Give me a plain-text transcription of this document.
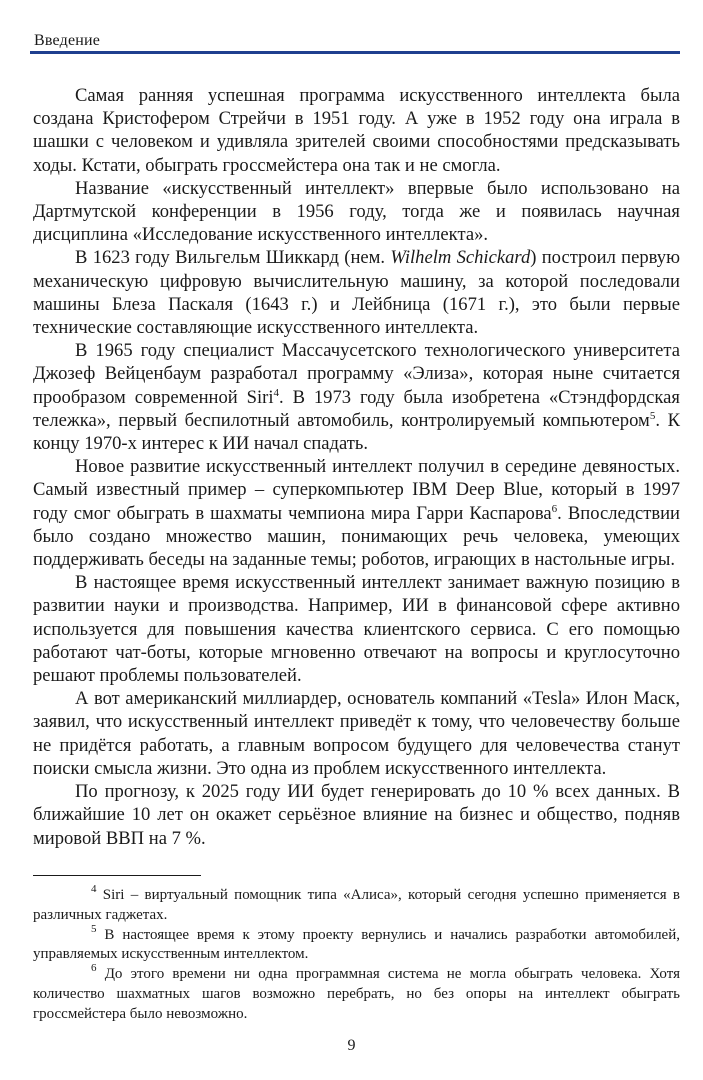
Введение

Самая ранняя успешная программа искусственного интеллекта была создана Кристофером Стрейчи в 1951 году. А уже в 1952 году она играла в шашки с человеком и удивляла зрителей своими способностями предсказывать ходы. Кстати, обыграть гроссмейстера она так и не смогла.

Название «искусственный интеллект» впервые было использовано на Дартмутской конференции в 1956 году, тогда же и появилась научная дисциплина «Исследование искусственного интеллекта».

В 1623 году Вильгельм Шиккард (нем. Wilhelm Schickard) построил первую механическую цифровую вычислительную машину, за которой последовали машины Блеза Паскаля (1643 г.) и Лейбница (1671 г.), это были первые технические составляющие искусственного интеллекта.

В 1965 году специалист Массачусетского технологического университета Джозеф Вейценбаум разработал программу «Элиза», которая ныне считается прообразом современной Siri$^4$. В 1973 году была изобретена «Стэндфордская тележка», первый беспилотный автомобиль, контролируемый компьютером$^5$. К концу 1970-х интерес к ИИ начал спадать.

Новое развитие искусственный интеллект получил в середине девяностых. Самый известный пример – суперкомпьютер IBM Deep Blue, который в 1997 году смог обыграть в шахматы чемпиона мира Гарри Каспарова$^6$. Впоследствии было создано множество машин, понимающих речь человека, умеющих поддерживать беседы на заданные темы; роботов, играющих в настольные игры.

В настоящее время искусственный интеллект занимает важную позицию в развитии науки и производства. Например, ИИ в финансовой сфере активно используется для повышения качества клиентского сервиса. С его помощью работают чат-боты, которые мгновенно отвечают на вопросы и круглосуточно решают проблемы пользователей.

А вот американский миллиардер, основатель компаний «Tesla» Илон Маск, заявил, что искусственный интеллект приведёт к тому, что человечеству больше не придётся работать, а главным вопросом будущего для человечества станут поиски смысла жизни. Это одна из проблем искусственного интеллекта.

По прогнозу, к 2025 году ИИ будет генерировать до 10 % всех данных. В ближайшие 10 лет он окажет серьёзное влияние на бизнес и общество, подняв мировой ВВП на 7 %.

$^4$ Siri – виртуальный помощник типа «Алиса», который сегодня успешно применяется в различных гаджетах.

$^5$ В настоящее время к этому проекту вернулись и начались разработки автомобилей, управляемых искусственным интеллектом.

$^6$ До этого времени ни одна программная система не могла обыграть человека. Хотя количество шахматных шагов возможно перебрать, но без опоры на интеллект обыграть гроссмейстера было невозможно.

9
